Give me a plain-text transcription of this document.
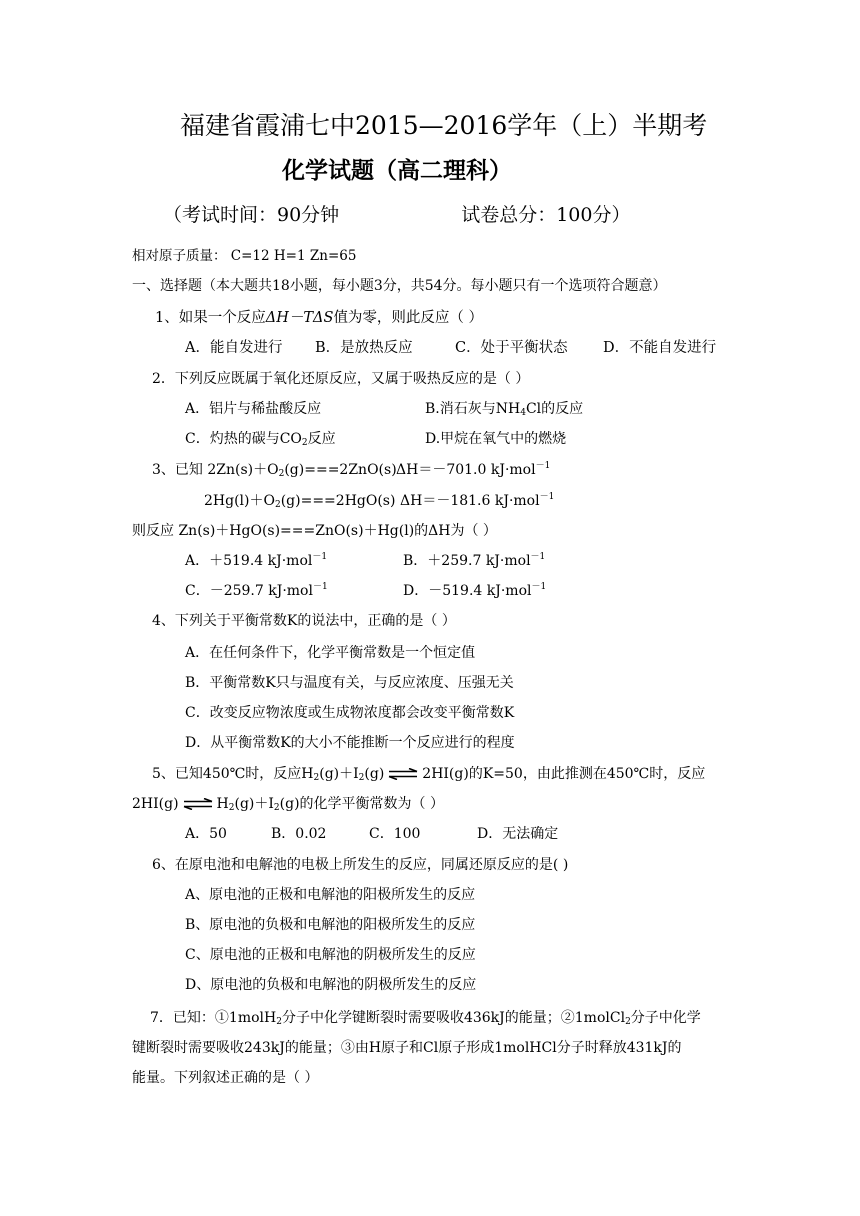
福建省霞浦七中2015—2016学年（上）半期考
化学试题（高二理科）
（考试时间：90分钟	试卷总分：100分）
相对原子质量： C=12 H=1 Zn=65
一、选择题（本大题共18小题，每小题3分，共54分。每小题只有一个选项符合题意）
1、如果一个反应ΔH－TΔS值为零，则此反应（ ）
A．能自发进行 B．是放热反应	C．处于平衡状态 D．不能自发进行
2．下列反应既属于氧化还原反应，又属于吸热反应的是（ ）
A．铝片与稀盐酸反应	B.消石灰与$NH_4Cl$的反应
C．灼热的碳与$CO_2$反应	D.甲烷在氧气中的燃烧
3、已知 $2Zn(s)+O_2(g)===2ZnO(s)\Delta H=-701.0$ kJ·mol$^{-1}$
$2Hg(l)+O_2(g)===2HgO(s)$ ΔH＝－181.6 kJ·mol$^{-1}$
则反应 Zn(s)＋HgO(s)===ZnO(s)＋Hg(l)的ΔH为（ ）
A．＋519.4 kJ·mol$^{-1}$	B．＋259.7 kJ·mol$^{-1}$
C．－259.7 kJ·mol$^{-1}$	D．－519.4 kJ·mol$^{-1}$
4、下列关于平衡常数K的说法中，正确的是（ ）
A．在任何条件下，化学平衡常数是一个恒定值
B．平衡常数K只与温度有关，与反应浓度、压强无关
C．改变反应物浓度或生成物浓度都会改变平衡常数K
D．从平衡常数K的大小不能推断一个反应进行的程度
5、已知450℃时，反应$H_2(g)+I_2(g)$ ⇌ 2HI(g)的K=50，由此推测在450℃时，反应
2HI(g) ⇌ $H_2(g)+I_2(g)$的化学平衡常数为（ ）
A．50	B．0.02	C．100	D．无法确定
6、在原电池和电解池的电极上所发生的反应，同属还原反应的是( )
A、原电池的正极和电解池的阳极所发生的反应
B、原电池的负极和电解池的阳极所发生的反应
C、原电池的正极和电解池的阴极所发生的反应
D、原电池的负极和电解池的阴极所发生的反应
7．已知：①1molH$_2$分子中化学键断裂时需要吸收436kJ的能量；②1molCl$_2$分子中化学
键断裂时需要吸收243kJ的能量；③由H原子和Cl原子形成1molHCl分子时释放431kJ的
能量。下列叙述正确的是（ ）
